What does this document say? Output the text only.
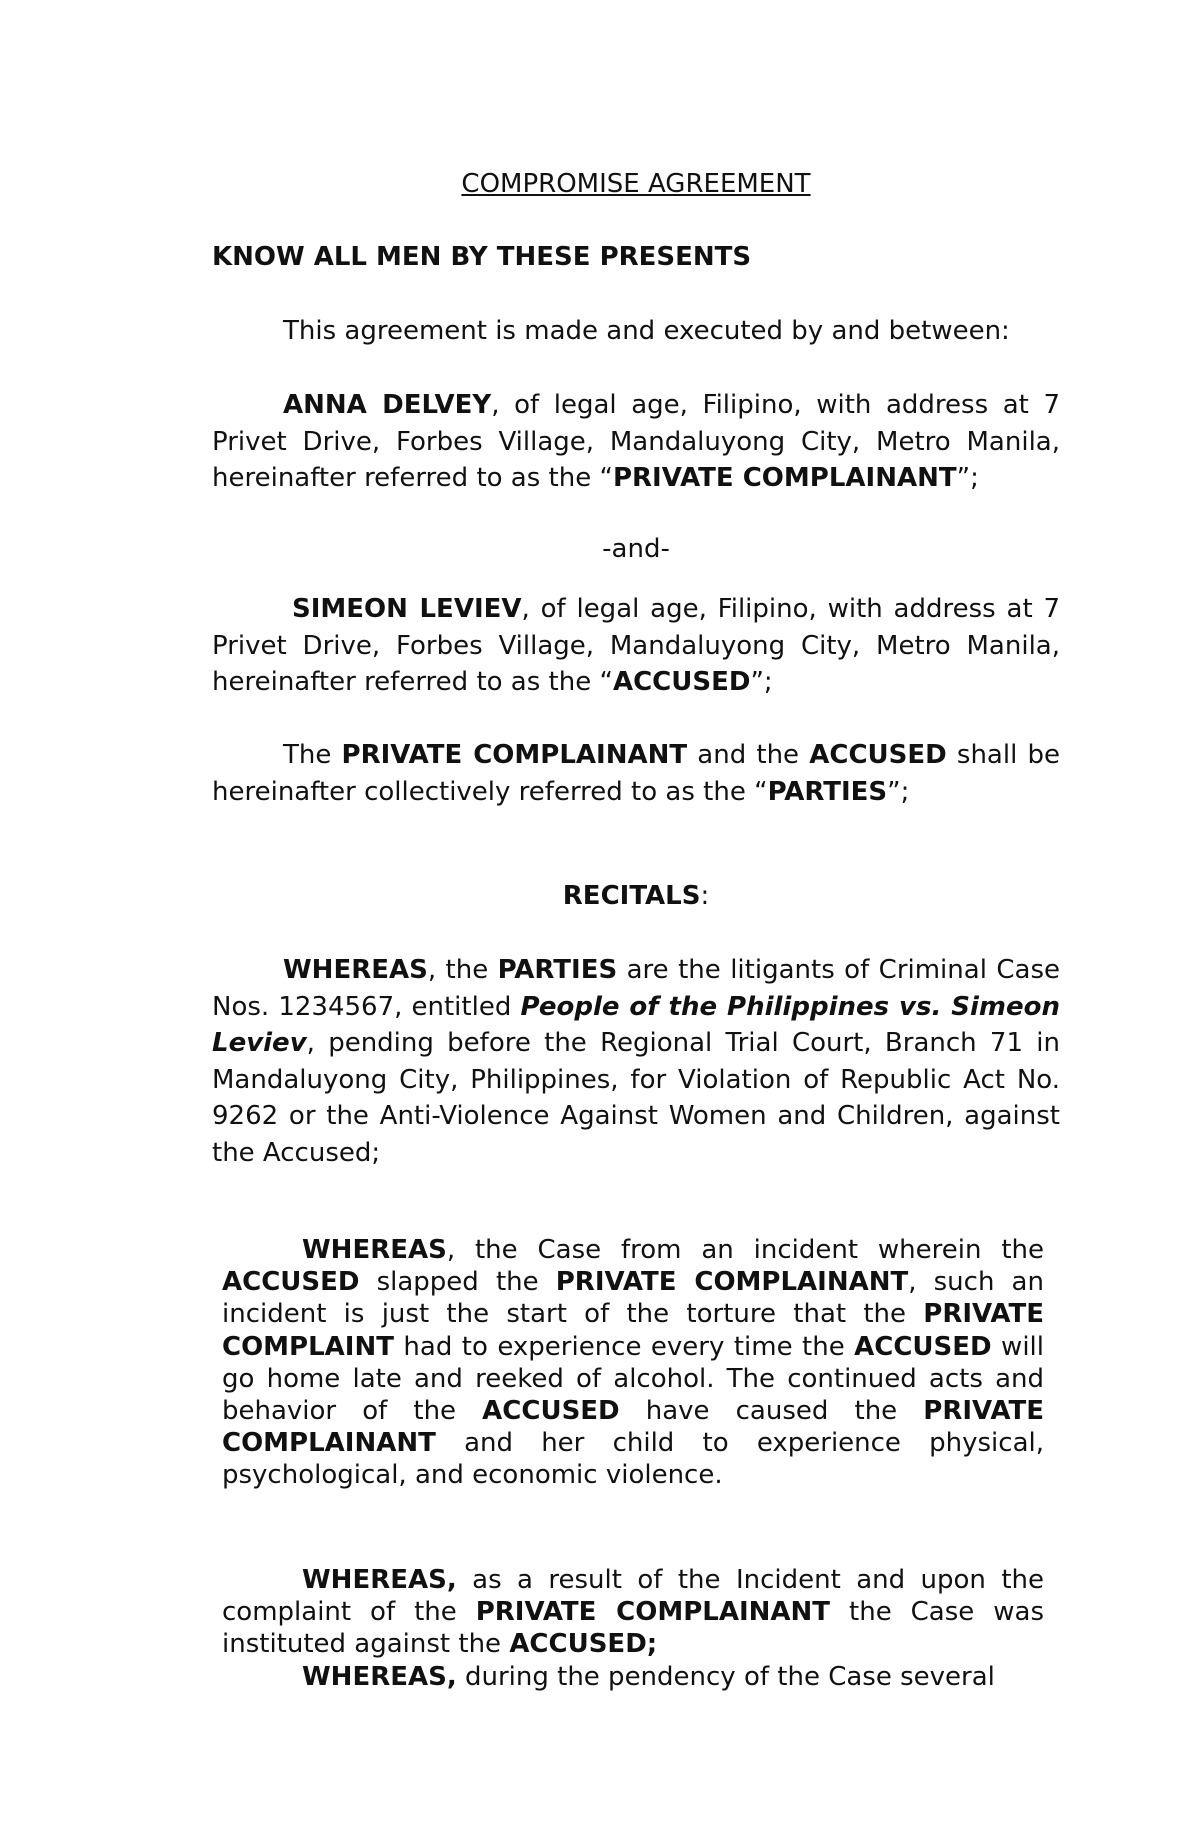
COMPROMISE AGREEMENT
KNOW ALL MEN BY THESE PRESENTS
This agreement is made and executed by and between:
ANNA DELVEY, of legal age, Filipino, with address at 7 Privet Drive, Forbes Village, Mandaluyong City, Metro Manila, hereinafter referred to as the “PRIVATE COMPLAINANT”;
-and-
SIMEON LEVIEV, of legal age, Filipino, with address at 7 Privet Drive, Forbes Village, Mandaluyong City, Metro Manila, hereinafter referred to as the “ACCUSED”;
The PRIVATE COMPLAINANT and the ACCUSED shall be hereinafter collectively referred to as the “PARTIES”;
RECITALS:
WHEREAS, the PARTIES are the litigants of Criminal Case Nos. 1234567, entitled People of the Philippines vs. Simeon Leviev, pending before the Regional Trial Court, Branch 71 in Mandaluyong City, Philippines, for Violation of Republic Act No. 9262 or the Anti-Violence Against Women and Children, against the Accused;
WHEREAS, the Case from an incident wherein the ACCUSED slapped the PRIVATE COMPLAINANT, such an incident is just the start of the torture that the PRIVATE COMPLAINT had to experience every time the ACCUSED will go home late and reeked of alcohol. The continued acts and behavior of the ACCUSED have caused the PRIVATE COMPLAINANT and her child to experience physical, psychological, and economic violence.
WHEREAS, as a result of the Incident and upon the complaint of the PRIVATE COMPLAINANT the Case was instituted against the ACCUSED;
WHEREAS, during the pendency of the Case several
